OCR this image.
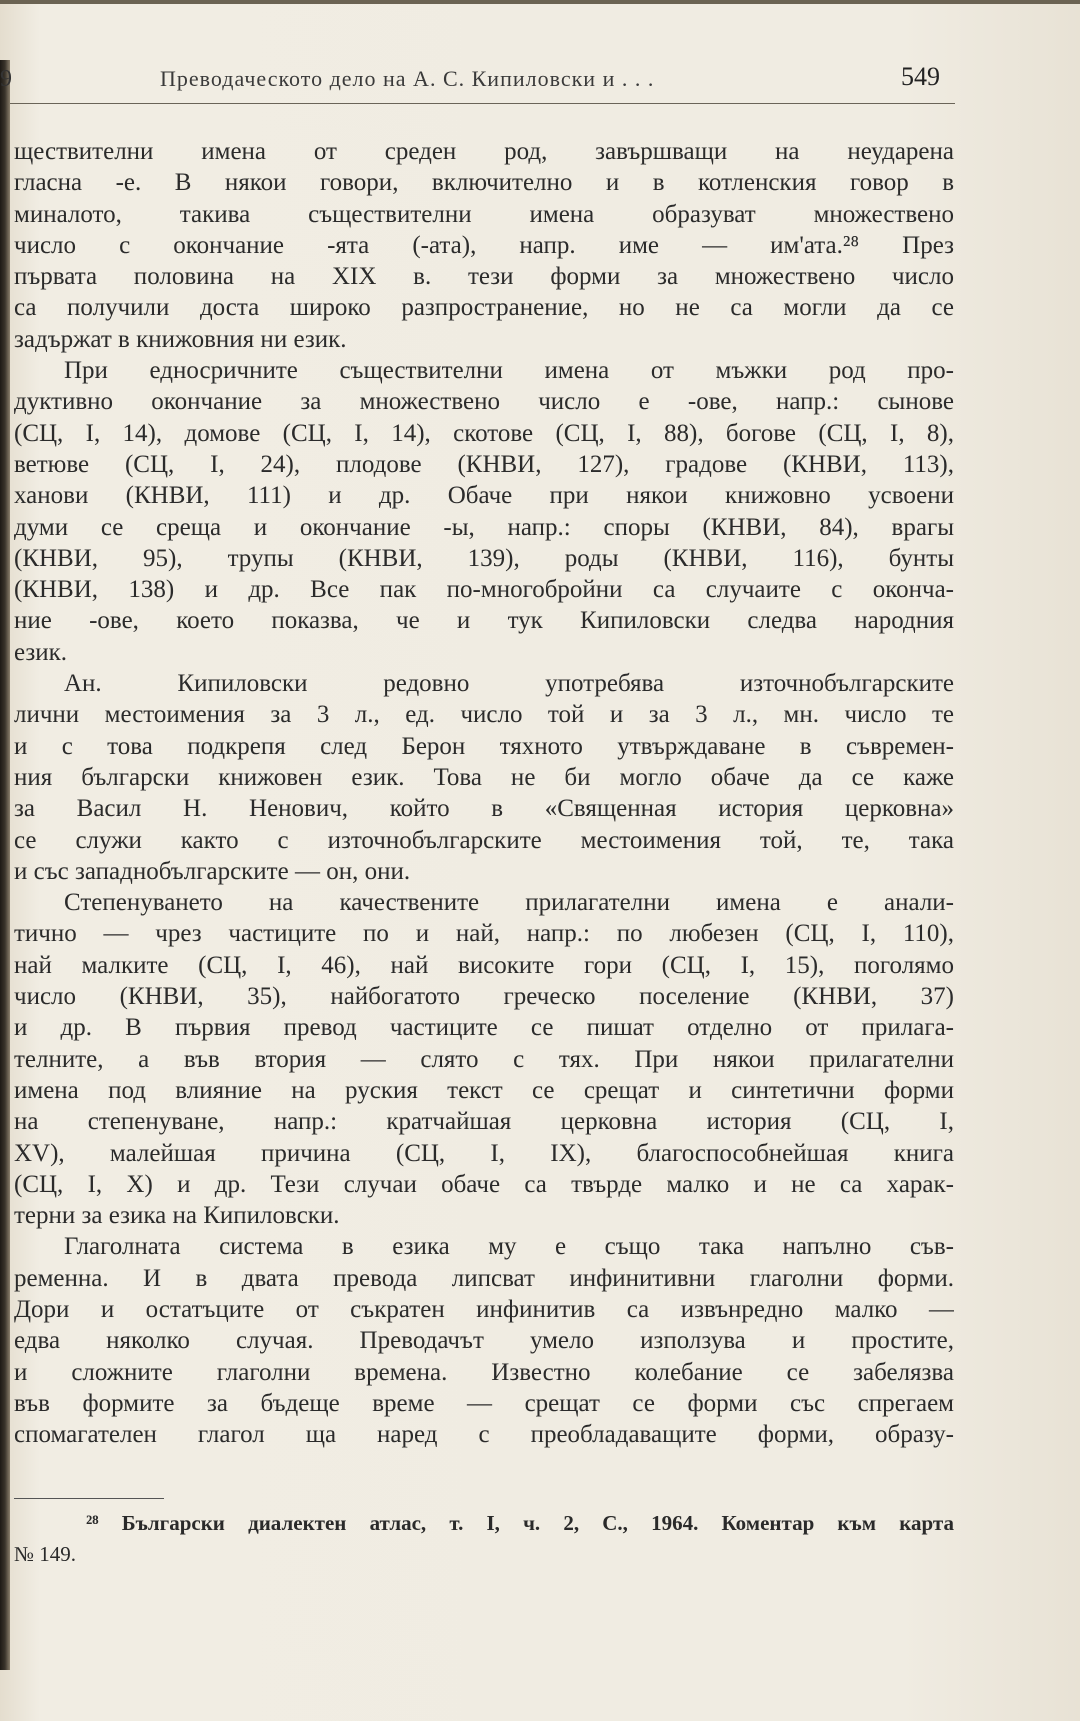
9	Преводаческото дело на А. С. Кипиловски и . . .	549
ществителни имена от среден род, завършващи на неударена
гласна -е. В някои говори, включително и в котленския говор в
миналото, такива съществителни имена образуват множествено
число с окончание -ята (-ата), напр. име — им'ата.²⁸ През
първата половина на XIX в. тези форми за множествено число
са получили доста широко разпространение, но не са могли да се
задържат в книжовния ни език.
При едносричните съществителни имена от мъжки род про-
дуктивно окончание за множествено число е -ове, напр.: сынове
(СЦ, I, 14), домове (СЦ, I, 14), скотове (СЦ, I, 88), богове (СЦ, I, 8),
ветюве (СЦ, I, 24), плодове (КНВИ, 127), градове (КНВИ, 113),
ханови (КНВИ, 111) и др. Обаче при някои книжовно усвоени
думи се среща и окончание -ы, напр.: споры (КНВИ, 84), врагы
(КНВИ, 95), трупы (КНВИ, 139), роды (КНВИ, 116), бунты
(КНВИ, 138) и др. Все пак по-многобройни са случаите с оконча-
ние -ове, което показва, че и тук Кипиловски следва народния
език.
Ан. Кипиловски редовно употребява източнобългарските
лични местоимения за 3 л., ед. число той и за 3 л., мн. число те
и с това подкрепя след Берон тяхното утвърждаване в съвремен-
ния български книжовен език. Това не би могло обаче да се каже
за Васил Н. Ненович, който в «Священная история церковна»
се служи както с източнобългарските местоимения той, те, така
и със западнобългарските — он, они.
Степенуването на качествените прилагателни имена е анали-
тично — чрез частиците по и най, напр.: по любезен (СЦ, I, 110),
най малките (СЦ, I, 46), най високите гори (СЦ, I, 15), поголямо
число (КНВИ, 35), найбогатото греческо поселение (КНВИ, 37)
и др. В първия превод частиците се пишат отделно от прилага-
телните, а във втория — слято с тях. При някои прилагателни
имена под влияние на руския текст се срещат и синтетични форми
на степенуване, напр.: кратчайшая церковна история (СЦ, I,
XV), малейшая причина (СЦ, I, IX), благоспособнейшая книга
(СЦ, I, X) и др. Тези случаи обаче са твърде малко и не са харак-
терни за езика на Кипиловски.
Глаголната система в езика му е също така напълно съв-
ременна. И в двата превода липсват инфинитивни глаголни форми.
Дори и остатъците от съкратен инфинитив са извънредно малко —
едва няколко случая. Преводачът умело използува и простите,
и сложните глаголни времена. Известно колебание се забелязва
във формите за бъдеще време — срещат се форми със спрегаем
спомагателен глагол ща наред с преобладаващите форми, образу-
²⁸ Български диалектен атлас, т. I, ч. 2, С., 1964. Коментар към карта
№ 149.
